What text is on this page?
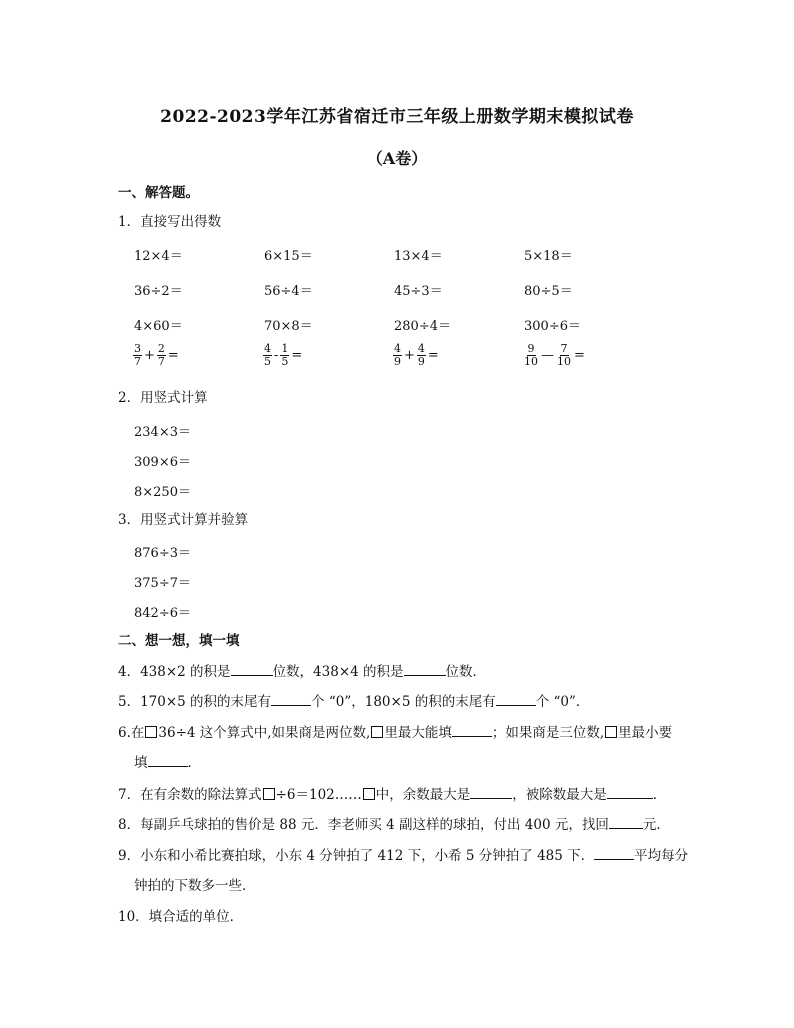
2022-2023学年江苏省宿迁市三年级上册数学期末模拟试卷
（A卷）
一、解答题。
1．直接写出得数
12×4＝	6×15＝	13×4＝	5×18＝
36÷2＝	56÷4＝	45÷3＝	80÷5＝
4×60＝	70×8＝	280÷4＝	300÷6＝
$\frac{3}{7} + \frac{2}{7}$ =	$\frac{4}{5} - \frac{1}{5}$ =	$\frac{4}{9} + \frac{4}{9}$ =	$\frac{9}{10}$ — $\frac{7}{10}$ =
2．用竖式计算
234×3＝
309×6＝
8×250＝
3．用竖式计算并验算
876÷3＝
375÷7＝
842÷6＝
二、想一想，填一填
4．438×2 的积是	位数，438×4 的积是	位数．
5．170×5 的积的末尾有	个 “0”，180×5 的积的末尾有	个 “0”．
6.在 36÷4 这个算式中,如果商是两位数, 里最大能填	；如果商是三位数, 里最小要
填	．
7．在有余数的除法算式 ÷6＝102…… 中，余数最大是	，被除数最大是	．
8．每副乒乓球拍的售价是 88 元．李老师买 4 副这样的球拍，付出 400 元，找回	元．
9．小东和小希比赛拍球，小东 4 分钟拍了 412 下，小希 5 分钟拍了 485 下．	平均每分
钟拍的下数多一些．
10．填合适的单位．
